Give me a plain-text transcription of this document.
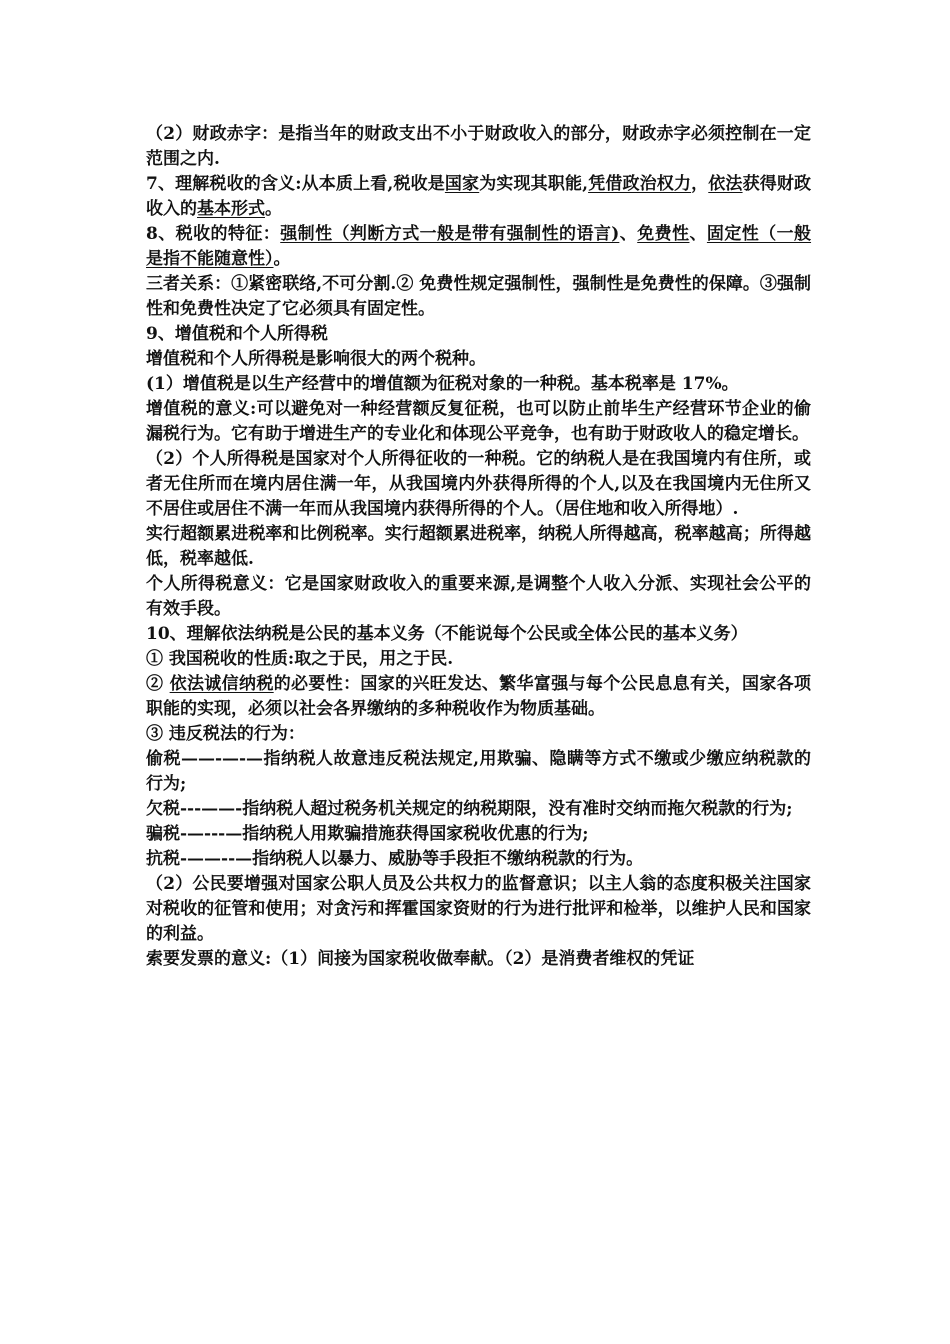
（2）财政赤字：是指当年的财政支出不小于财政收入的部分，财政赤字必须控制在一定范围之内.

7、理解税收的含义:从本质上看,税收是国家为实现其职能,凭借政治权力，依法获得财政收入的基本形式。

8、税收的特征：强制性（判断方式一般是带有强制性的语言)、免费性、固定性（一般是指不能随意性）。

三者关系：①紧密联络,不可分割.② 免费性规定强制性，强制性是免费性的保障。③强制性和免费性决定了它必须具有固定性。

9、增值税和个人所得税

增值税和个人所得税是影响很大的两个税种。

(1）增值税是以生产经营中的增值额为征税对象的一种税。基本税率是 17%。

增值税的意义:可以避免对一种经营额反复征税，也可以防止前毕生产经营环节企业的偷漏税行为。它有助于增进生产的专业化和体现公平竞争，也有助于财政收人的稳定增长。

（2）个人所得税是国家对个人所得征收的一种税。它的纳税人是在我国境内有住所，或者无住所而在境内居住满一年，从我国境内外获得所得的个人,以及在我国境内无住所又不居住或居住不满一年而从我国境内获得所得的个人。（居住地和收入所得地）.

实行超额累进税率和比例税率。实行超额累进税率，纳税人所得越高，税率越高；所得越低，税率越低.

个人所得税意义：它是国家财政收入的重要来源,是调整个人收入分派、实现社会公平的有效手段。

10、理解依法纳税是公民的基本义务（不能说每个公民或全体公民的基本义务）

① 我国税收的性质:取之于民，用之于民.

② 依法诚信纳税的必要性：国家的兴旺发达、繁华富强与每个公民息息有关，国家各项职能的实现，必须以社会各界缴纳的多种税收作为物质基础。

③ 违反税法的行为：

偷税——-—-—指纳税人故意违反税法规定,用欺骗、隐瞒等方式不缴或少缴应纳税款的行为;

欠税---——-指纳税人超过税务机关规定的纳税期限，没有准时交纳而拖欠税款的行为;

骗税-—---—指纳税人用欺骗措施获得国家税收优惠的行为;

抗税-——--—指纳税人以暴力、威胁等手段拒不缴纳税款的行为。

（2）公民要增强对国家公职人员及公共权力的监督意识；以主人翁的态度积极关注国家对税收的征管和使用；对贪污和挥霍国家资财的行为进行批评和检举，以维护人民和国家的利益。

索要发票的意义:（1）间接为国家税收做奉献。（2）是消费者维权的凭证
